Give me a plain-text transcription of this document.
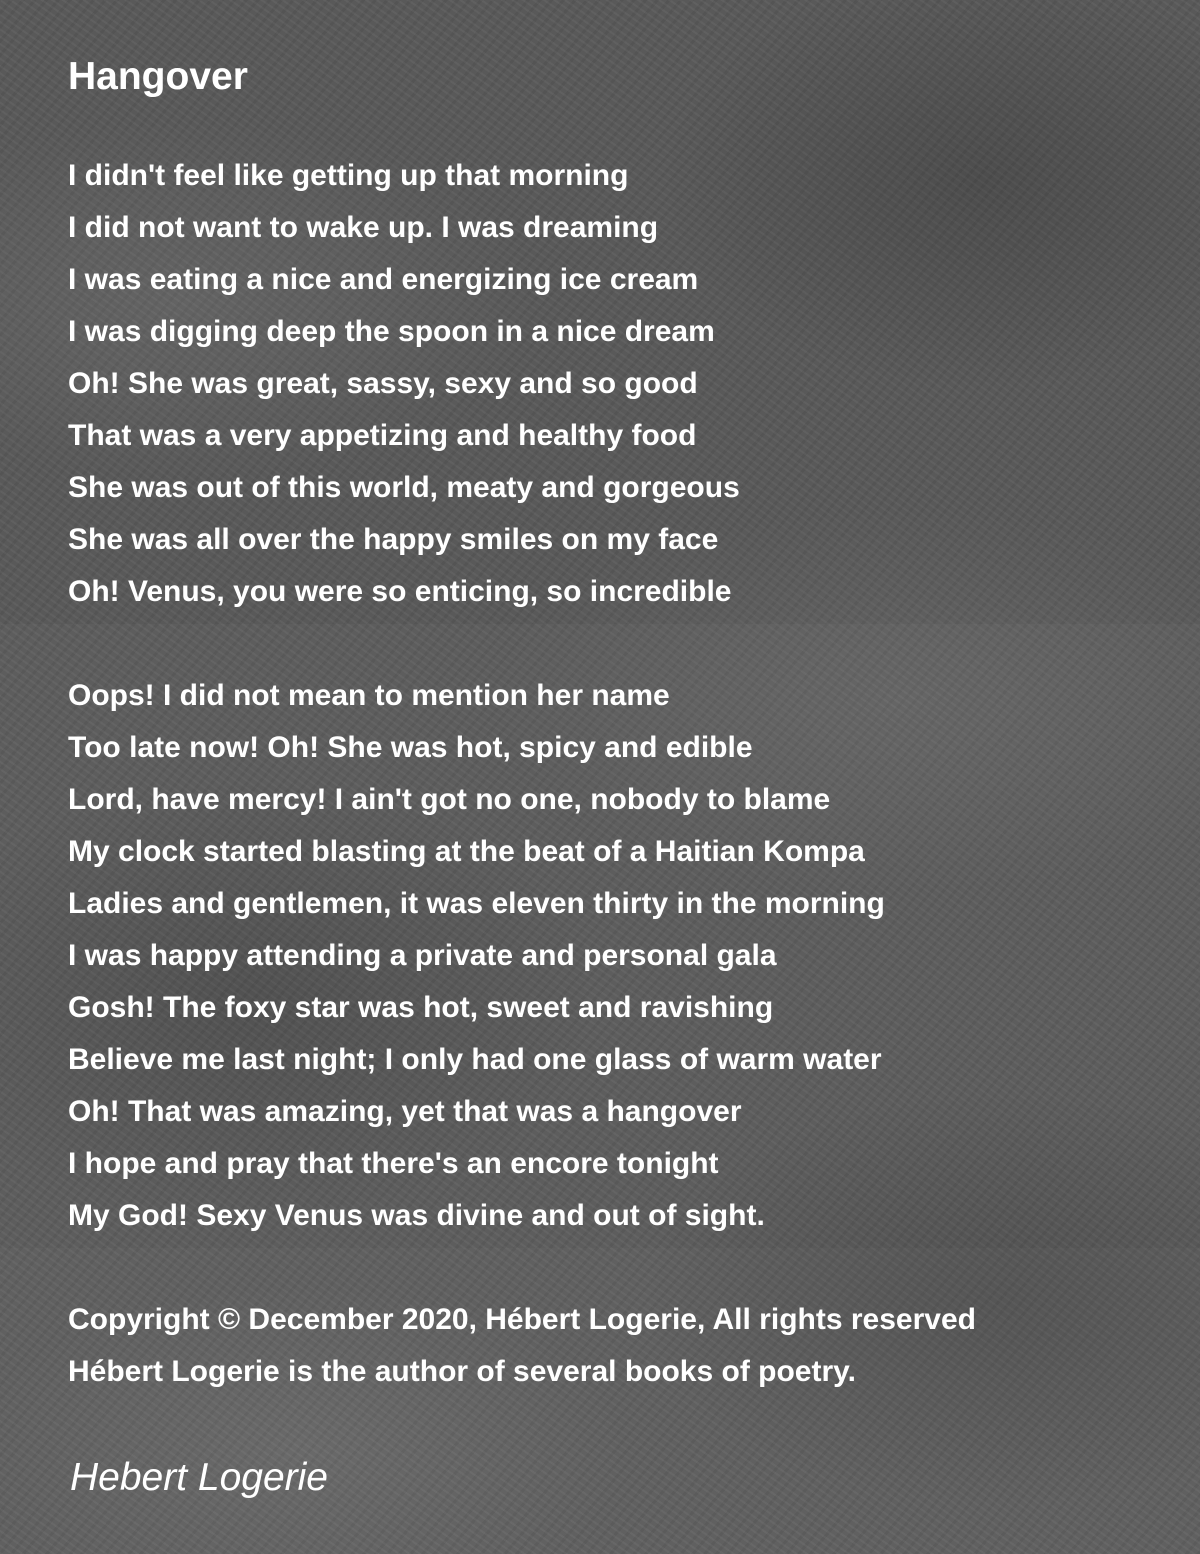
Hangover
I didn't feel like getting up that morning
I did not want to wake up. I was dreaming
I was eating a nice and energizing ice cream
I was digging deep the spoon in a nice dream
Oh! She was great, sassy, sexy and so good
That was a very appetizing and healthy food
She was out of this world, meaty and gorgeous
She was all over the happy smiles on my face
Oh! Venus, you were so enticing, so incredible
Oops! I did not mean to mention her name
Too late now! Oh! She was hot, spicy and edible
Lord, have mercy! I ain't got no one, nobody to blame
My clock started blasting at the beat of a Haitian Kompa
Ladies and gentlemen, it was eleven thirty in the morning
I was happy attending a private and personal gala
Gosh! The foxy star was hot, sweet and ravishing
Believe me last night; I only had one glass of warm water
Oh! That was amazing, yet that was a hangover
I hope and pray that there's an encore tonight
My God! Sexy Venus was divine and out of sight.
Copyright © December 2020, Hébert Logerie, All rights reserved
Hébert Logerie is the author of several books of poetry.
Hebert Logerie
